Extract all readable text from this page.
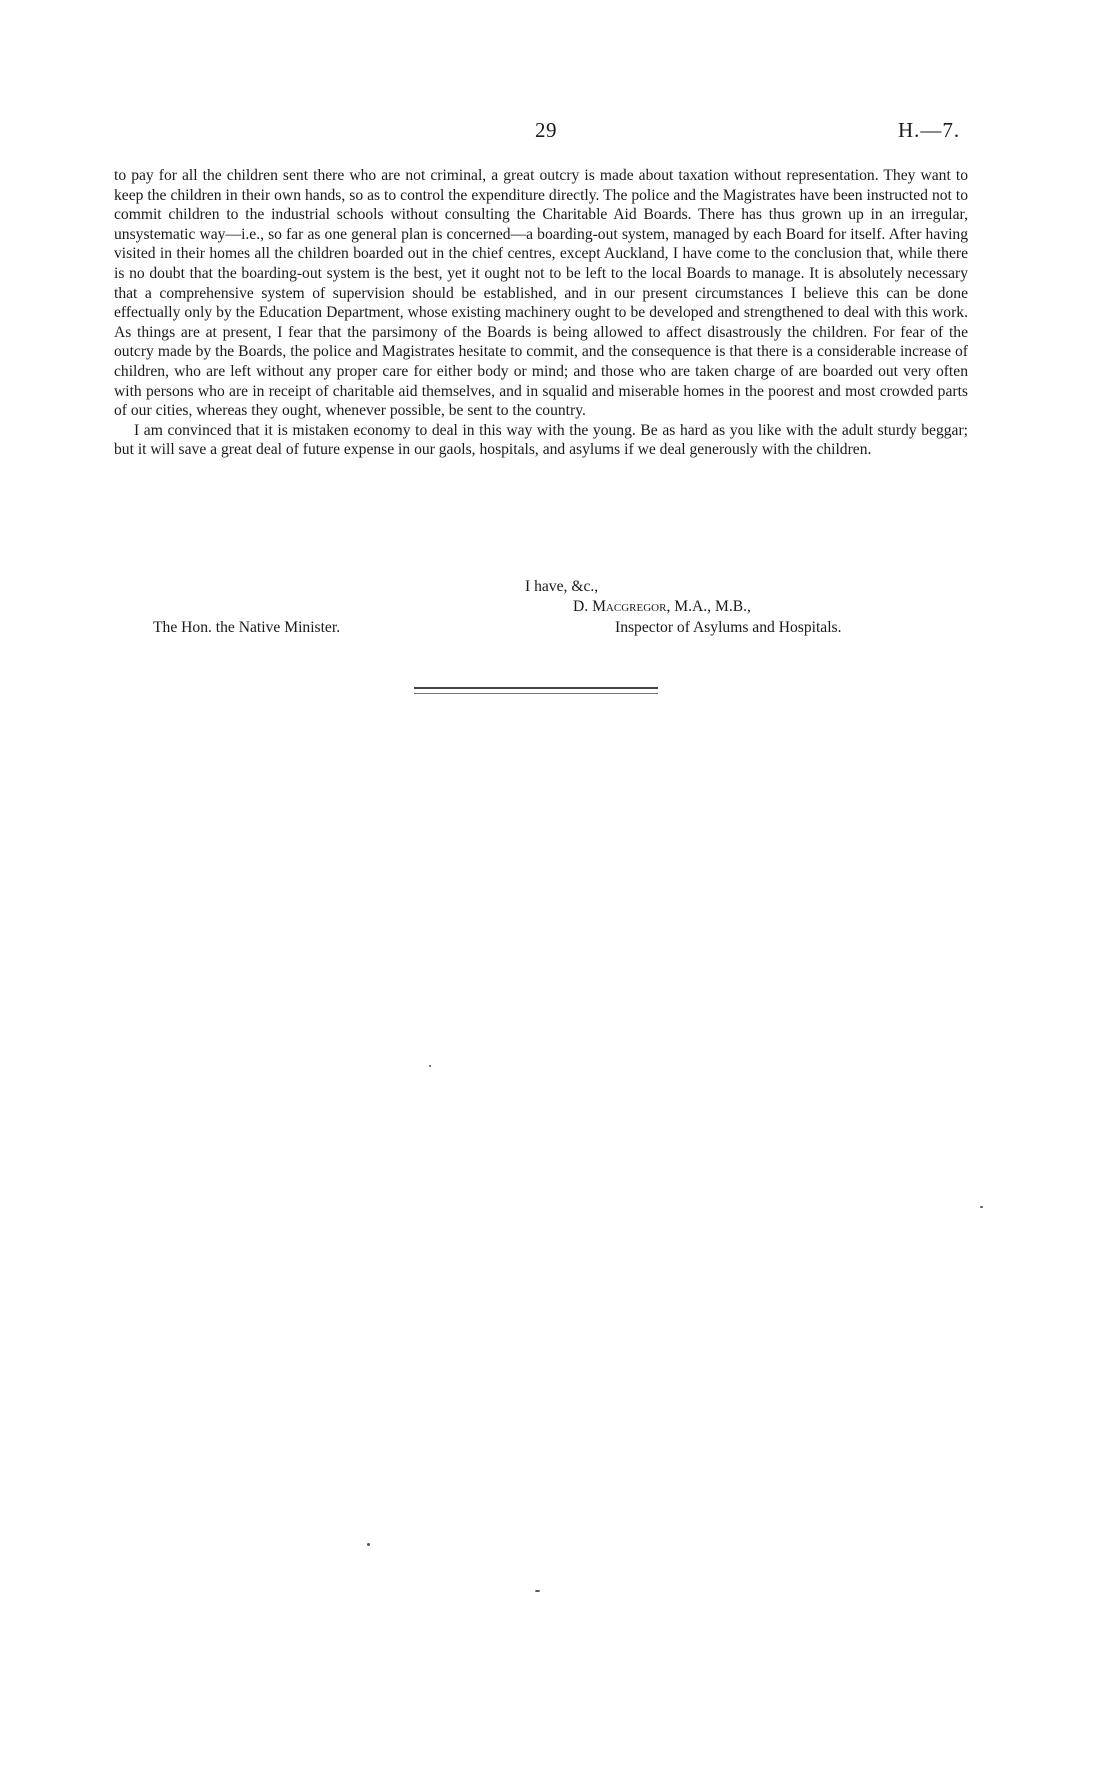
29	H.—7.

to pay for all the children sent there who are not criminal, a great outcry is made about taxation without representation. They want to keep the children in their own hands, so as to control the expenditure directly. The police and the Magistrates have been instructed not to commit children to the industrial schools without consulting the Charitable Aid Boards. There has thus grown up in an irregular, unsystematic way—i.e., so far as one general plan is concerned—a boarding-out system, managed by each Board for itself. After having visited in their homes all the children boarded out in the chief centres, except Auckland, I have come to the conclusion that, while there is no doubt that the boarding-out system is the best, yet it ought not to be left to the local Boards to manage. It is absolutely necessary that a comprehensive system of supervision should be established, and in our present circumstances I believe this can be done effectually only by the Education Department, whose existing machinery ought to be developed and strengthened to deal with this work. As things are at present, I fear that the parsimony of the Boards is being allowed to affect disastrously the children. For fear of the outcry made by the Boards, the police and Magistrates hesitate to commit, and the consequence is that there is a considerable increase of children, who are left without any proper care for either body or mind; and those who are taken charge of are boarded out very often with persons who are in receipt of charitable aid themselves, and in squalid and miserable homes in the poorest and most crowded parts of our cities, whereas they ought, whenever possible, be sent to the country.

I am convinced that it is mistaken economy to deal in this way with the young. Be as hard as you like with the adult sturdy beggar; but it will save a great deal of future expense in our gaols, hospitals, and asylums if we deal generously with the children.

I have, &c.,
D. Macgregor, M.A., M.B.,
The Hon. the Native Minister.	Inspector of Asylums and Hospitals.
